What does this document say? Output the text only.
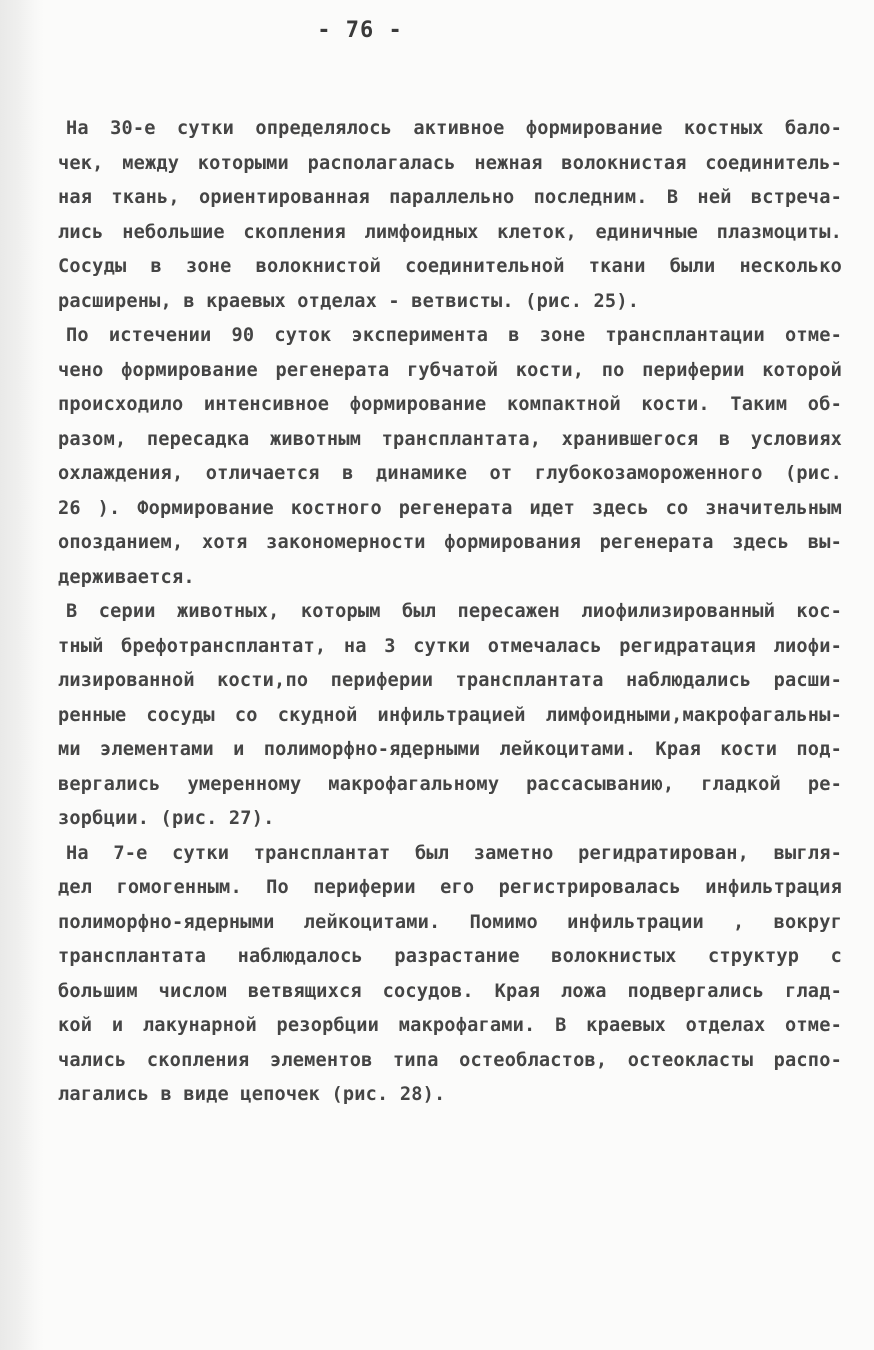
- 76 -
На 30-е сутки определялось активное формирование костных бало-
чек, между которыми располагалась нежная волокнистая соединитель-
ная ткань, ориентированная параллельно последним. В ней встреча-
лись небольшие скопления лимфоидных клеток, единичные плазмоциты.
Сосуды в зоне волокнистой соединительной ткани были несколько
расширены, в краевых отделах - ветвисты. (рис. 25).
По истечении 90 суток эксперимента в зоне трансплантации отме-
чено формирование регенерата губчатой кости, по периферии которой
происходило интенсивное формирование компактной кости. Таким об-
разом, пересадка животным трансплантата, хранившегося в условиях
охлаждения, отличается в динамике от глубокозамороженного (рис.
26 ). Формирование костного регенерата идет здесь со значительным
опозданием, хотя закономерности формирования регенерата здесь вы-
держивается.
В серии животных, которым был пересажен лиофилизированный кос-
тный брефотрансплантат, на 3 сутки отмечалась регидратация лиофи-
лизированной кости,по периферии трансплантата наблюдались расши-
ренные сосуды со скудной инфильтрацией лимфоидными,макрофагальны-
ми элементами и полиморфно-ядерными лейкоцитами. Края кости под-
вергались умеренному макрофагальному рассасыванию, гладкой ре-
зорбции. (рис. 27).
На 7-е сутки трансплантат был заметно регидратирован, выгля-
дел гомогенным. По периферии его регистрировалась инфильтрация
полиморфно-ядерными лейкоцитами. Помимо инфильтрации , вокруг
трансплантата наблюдалось разрастание волокнистых структур с
большим числом ветвящихся сосудов. Края ложа подвергались глад-
кой и лакунарной резорбции макрофагами. В краевых отделах отме-
чались скопления элементов типа остеобластов, остеокласты распо-
лагались в виде цепочек (рис. 28).
